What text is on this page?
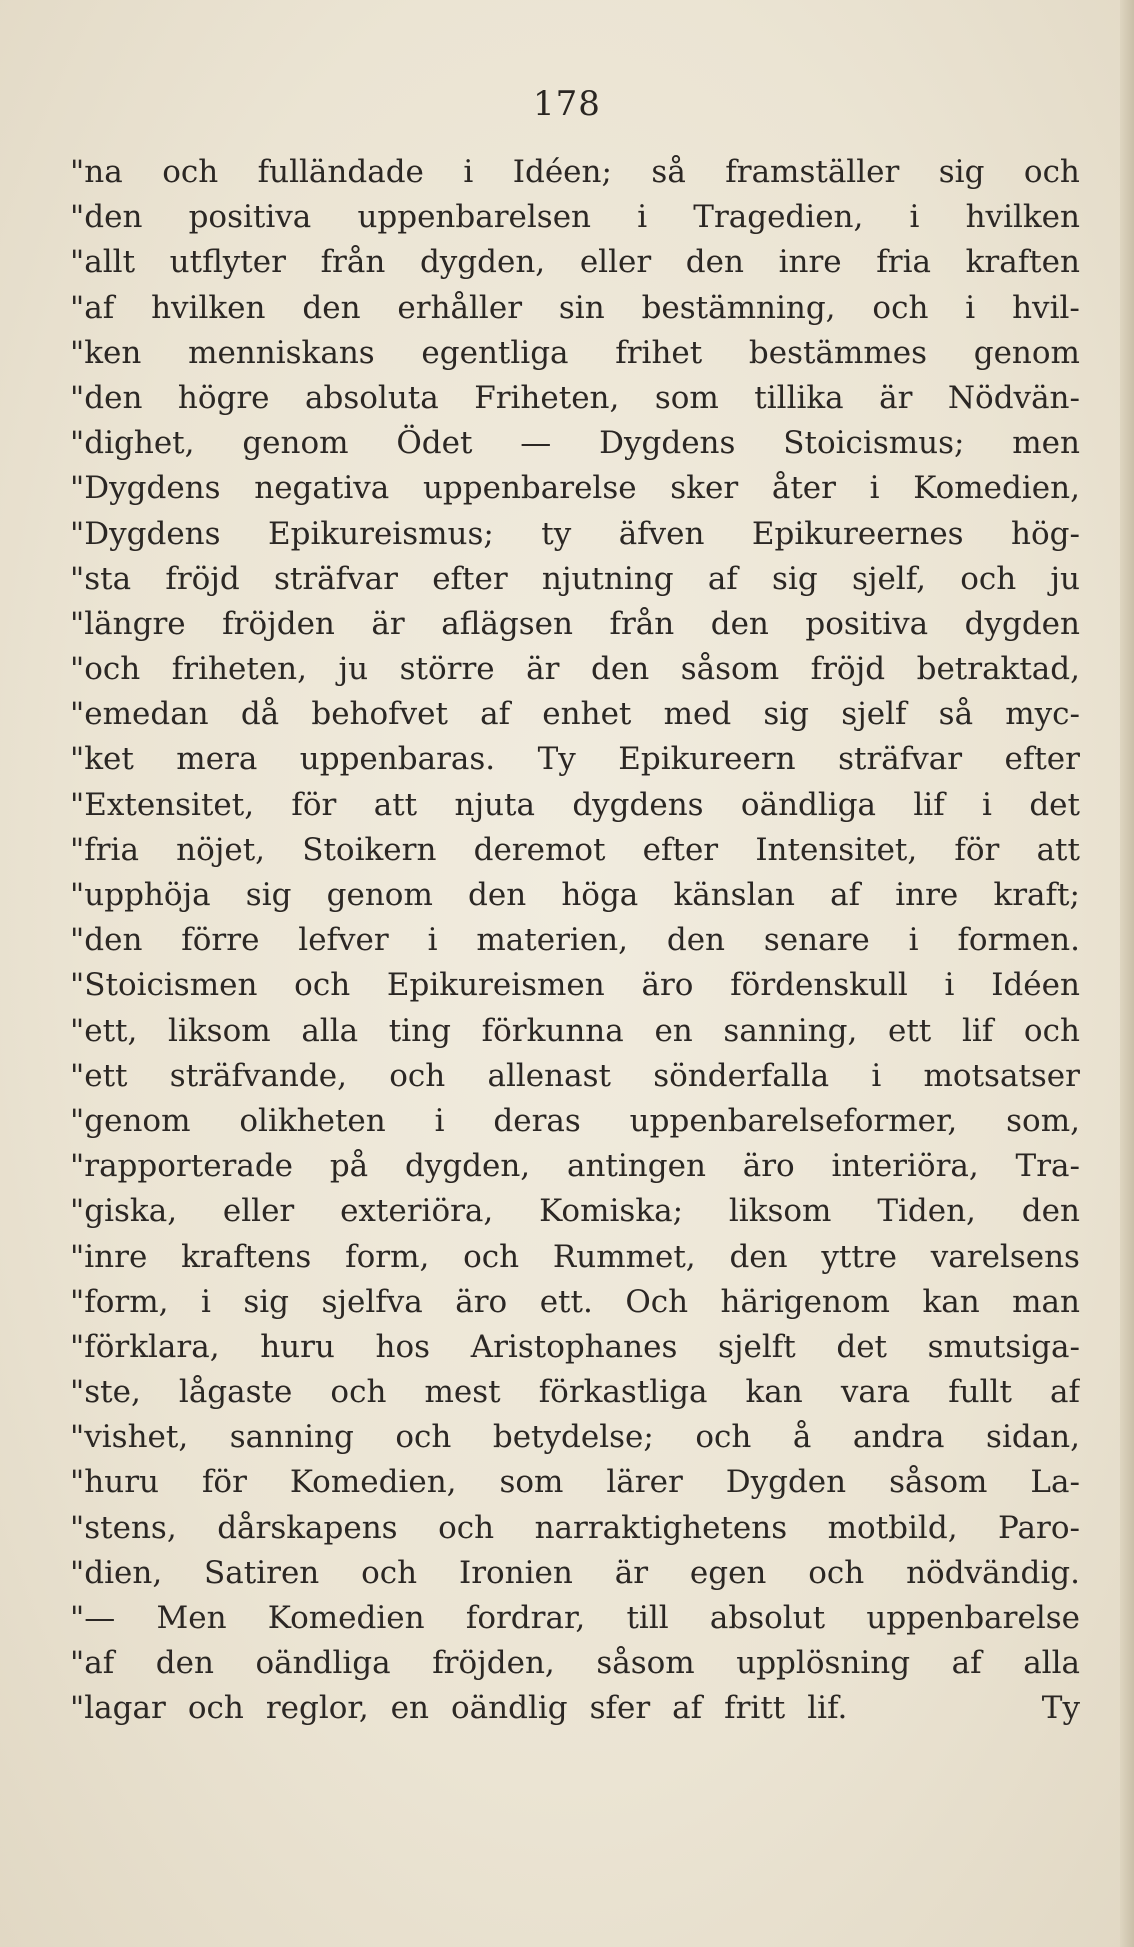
178
"na och fulländade i Idéen; så framställer sig och
"den positiva uppenbarelsen i Tragedien, i hvilken
"allt utflyter från dygden, eller den inre fria kraften
"af hvilken den erhåller sin bestämning, och i hvil-
"ken menniskans egentliga frihet bestämmes genom
"den högre absoluta Friheten, som tillika är Nödvän-
"dighet, genom Ödet — Dygdens Stoicismus; men
"Dygdens negativa uppenbarelse sker åter i Komedien,
"Dygdens Epikureismus; ty äfven Epikureernes hög-
"sta fröjd sträfvar efter njutning af sig sjelf, och ju
"längre fröjden är aflägsen från den positiva dygden
"och friheten, ju större är den såsom fröjd betraktad,
"emedan då behofvet af enhet med sig sjelf så myc-
"ket mera uppenbaras. Ty Epikureern sträfvar efter
"Extensitet, för att njuta dygdens oändliga lif i det
"fria nöjet, Stoikern deremot efter Intensitet, för att
"upphöja sig genom den höga känslan af inre kraft;
"den förre lefver i materien, den senare i formen.
"Stoicismen och Epikureismen äro fördenskull i Idéen
"ett, liksom alla ting förkunna en sanning, ett lif och
"ett sträfvande, och allenast sönderfalla i motsatser
"genom olikheten i deras uppenbarelseformer, som,
"rapporterade på dygden, antingen äro interiöra, Tra-
"giska, eller exteriöra, Komiska; liksom Tiden, den
"inre kraftens form, och Rummet, den yttre varelsens
"form, i sig sjelfva äro ett. Och härigenom kan man
"förklara, huru hos Aristophanes sjelft det smutsiga-
"ste, lågaste och mest förkastliga kan vara fullt af
"vishet, sanning och betydelse; och å andra sidan,
"huru för Komedien, som lärer Dygden såsom La-
"stens, dårskapens och narraktighetens motbild, Paro-
"dien, Satiren och Ironien är egen och nödvändig.
"— Men Komedien fordrar, till absolut uppenbarelse
"af den oändliga fröjden, såsom upplösning af alla
"lagar och reglor, en oändlig sfer af fritt lif.	Ty
